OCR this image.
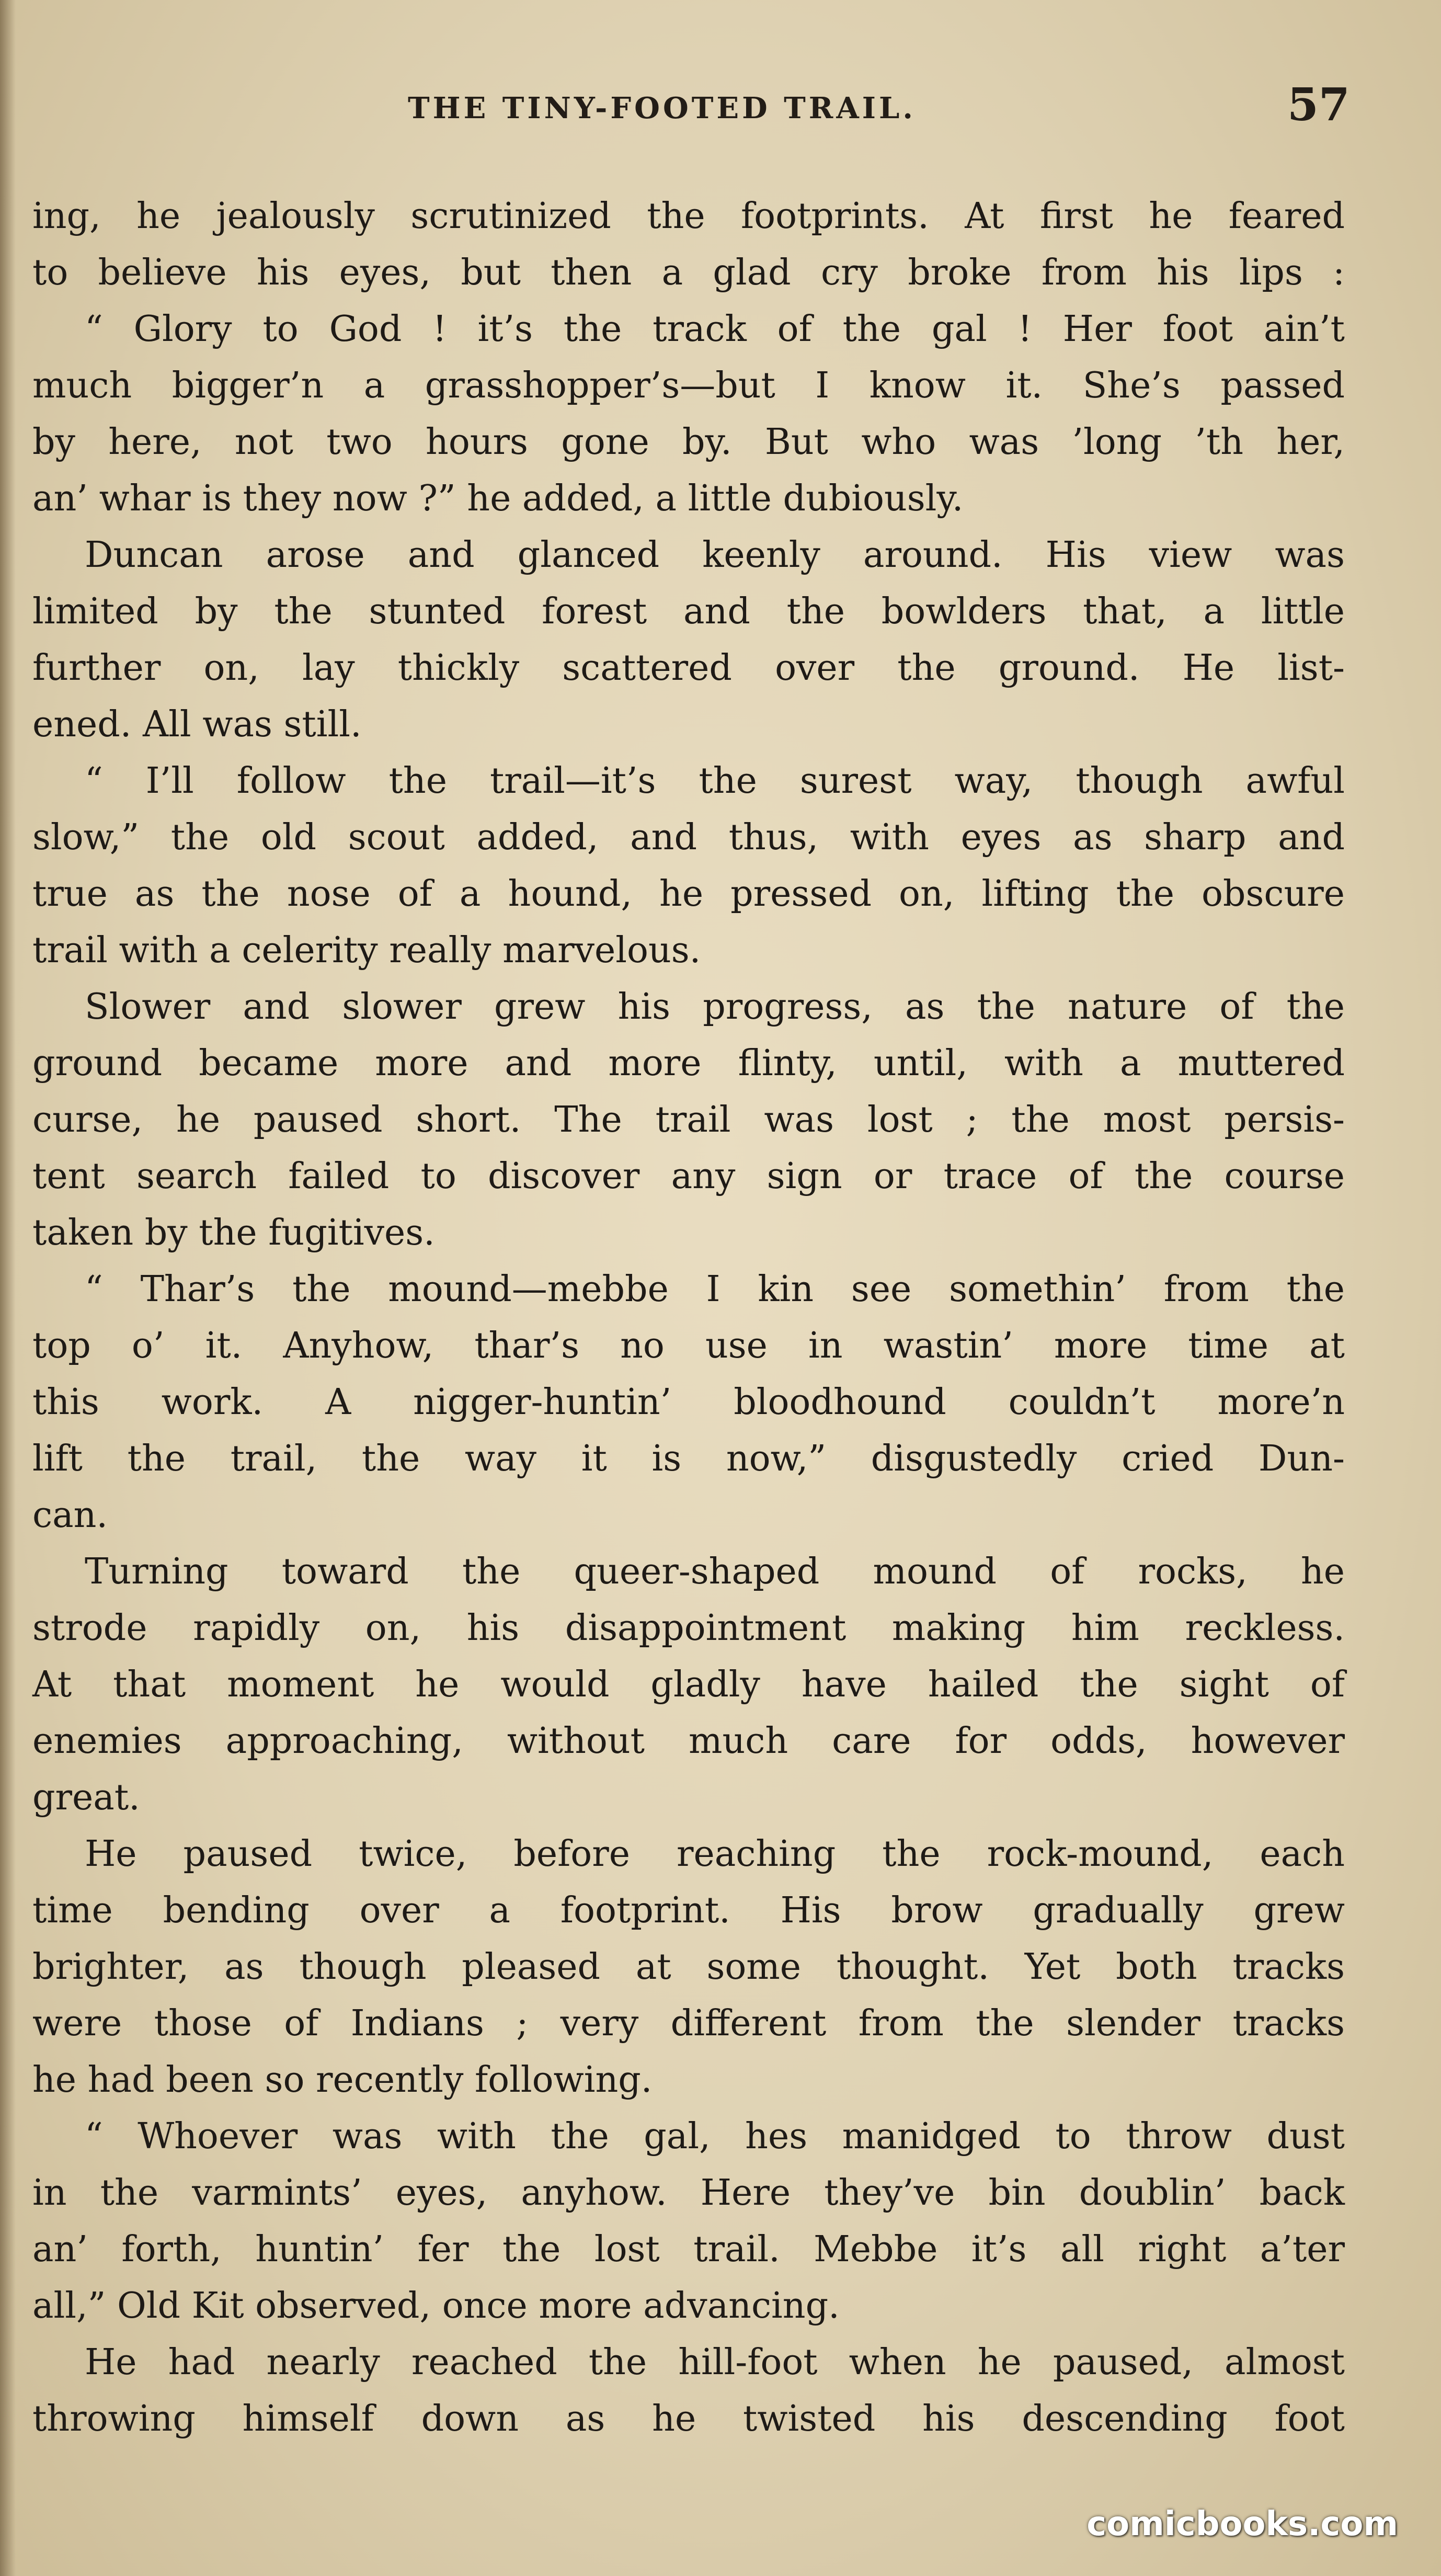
THE TINY-FOOTED TRAIL.	57
ing, he jealously scrutinized the footprints. At first he feared
to believe his eyes, but then a glad cry broke from his lips :
“ Glory to God ! it’s the track of the gal ! Her foot ain’t
much bigger’n a grasshopper’s—but I know it. She’s passed
by here, not two hours gone by. But who was ’long ’th her,
an’ whar is they now ?” he added, a little dubiously.
Duncan arose and glanced keenly around. His view was
limited by the stunted forest and the bowlders that, a little
further on, lay thickly scattered over the ground. He list-
ened. All was still.
“ I’ll follow the trail—it’s the surest way, though awful
slow,” the old scout added, and thus, with eyes as sharp and
true as the nose of a hound, he pressed on, lifting the obscure
trail with a celerity really marvelous.
Slower and slower grew his progress, as the nature of the
ground became more and more flinty, until, with a muttered
curse, he paused short. The trail was lost ; the most persis-
tent search failed to discover any sign or trace of the course
taken by the fugitives.
“ Thar’s the mound—mebbe I kin see somethin’ from the
top o’ it. Anyhow, thar’s no use in wastin’ more time at
this work. A nigger-huntin’ bloodhound couldn’t more’n
lift the trail, the way it is now,” disgustedly cried Dun-
can.
Turning toward the queer-shaped mound of rocks, he
strode rapidly on, his disappointment making him reckless.
At that moment he would gladly have hailed the sight of
enemies approaching, without much care for odds, however
great.
He paused twice, before reaching the rock-mound, each
time bending over a footprint. His brow gradually grew
brighter, as though pleased at some thought. Yet both tracks
were those of Indians ; very different from the slender tracks
he had been so recently following.
“ Whoever was with the gal, hes manidged to throw dust
in the varmints’ eyes, anyhow. Here they’ve bin doublin’ back
an’ forth, huntin’ fer the lost trail. Mebbe it’s all right a’ter
all,” Old Kit observed, once more advancing.
He had nearly reached the hill-foot when he paused, almost
throwing himself down as he twisted his descending foot
comicbooks.com
